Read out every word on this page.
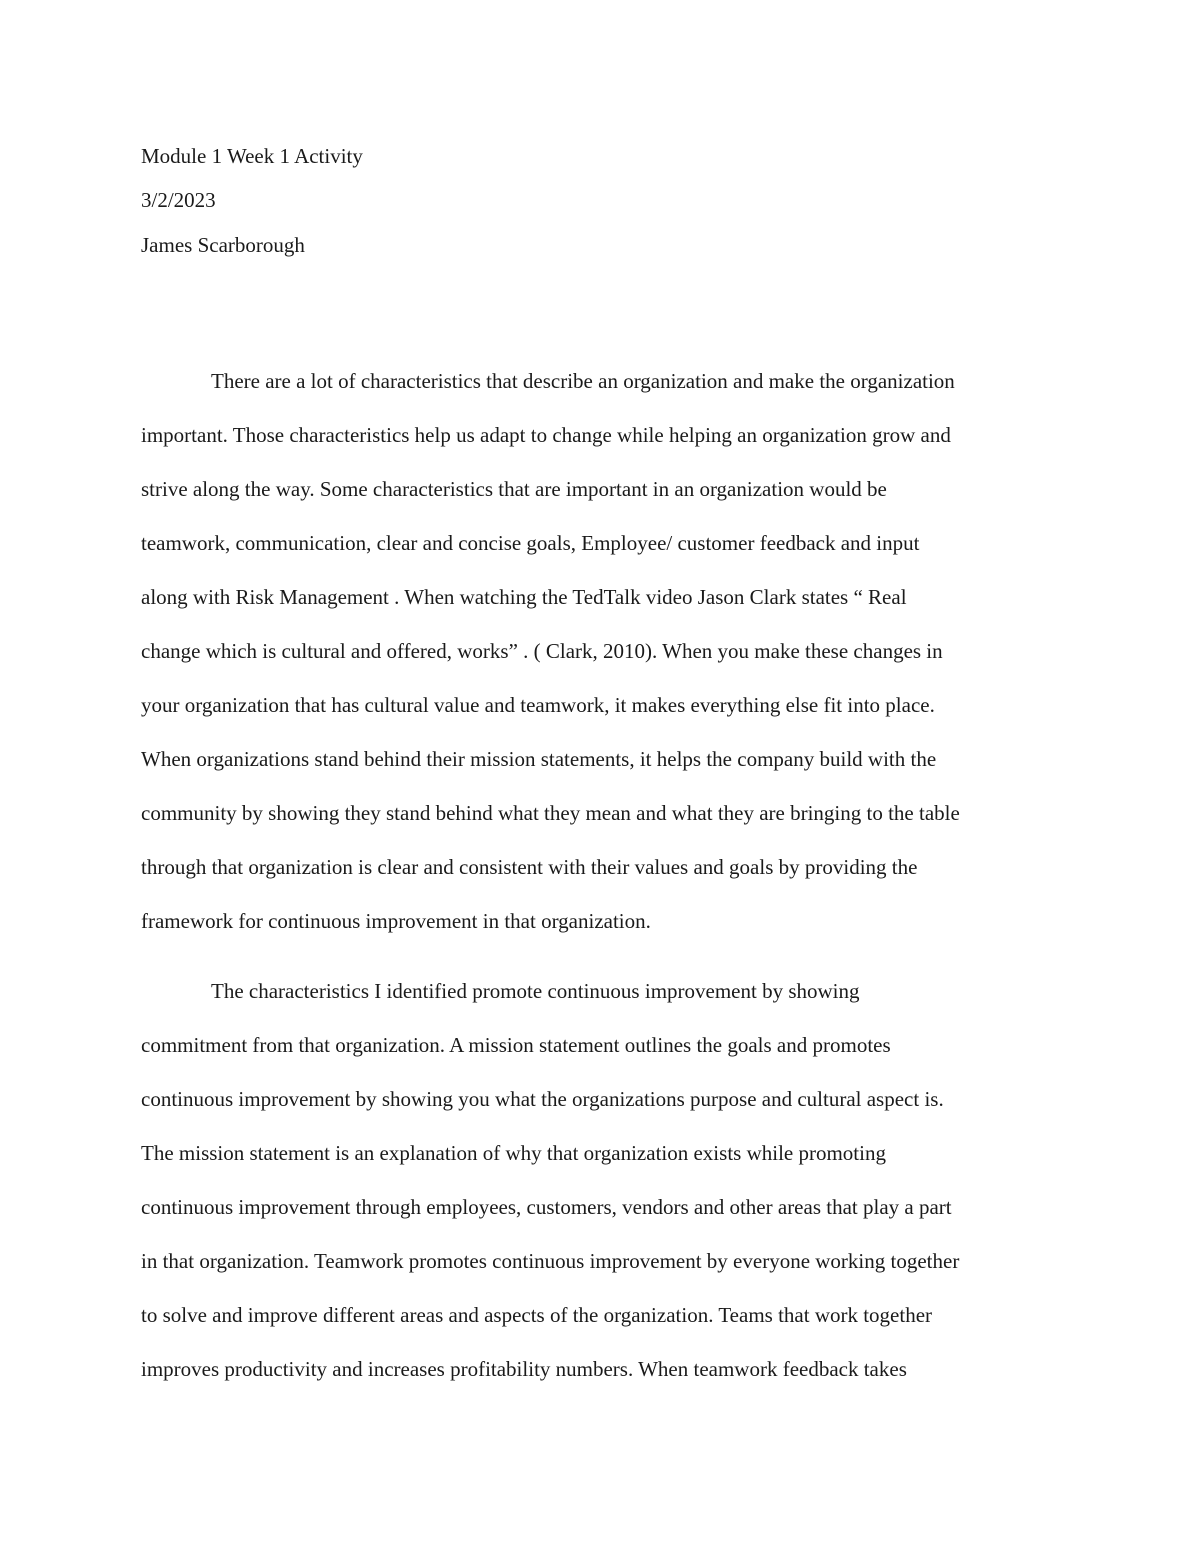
Module 1 Week 1 Activity
3/2/2023
James Scarborough
There are a lot of characteristics that describe an organization and make the organization
important. Those characteristics help us adapt to change while helping an organization grow and
strive along the way. Some characteristics that are important in an organization would be
teamwork, communication, clear and concise goals, Employee/ customer feedback and input
along with Risk Management . When watching the TedTalk video Jason Clark states “ Real
change which is cultural and offered, works” . ( Clark, 2010). When you make these changes in
your organization that has cultural value and teamwork, it makes everything else fit into place.
When organizations stand behind their mission statements, it helps the company build with the
community by showing they stand behind what they mean and what they are bringing to the table
through that organization is clear and consistent with their values and goals by providing the
framework for continuous improvement in that organization.
The characteristics I identified promote continuous improvement by showing
commitment from that organization. A mission statement outlines the goals and promotes
continuous improvement by showing you what the organizations purpose and cultural aspect is.
The mission statement is an explanation of why that organization exists while promoting
continuous improvement through employees, customers, vendors and other areas that play a part
in that organization. Teamwork promotes continuous improvement by everyone working together
to solve and improve different areas and aspects of the organization. Teams that work together
improves productivity and increases profitability numbers. When teamwork feedback takes
